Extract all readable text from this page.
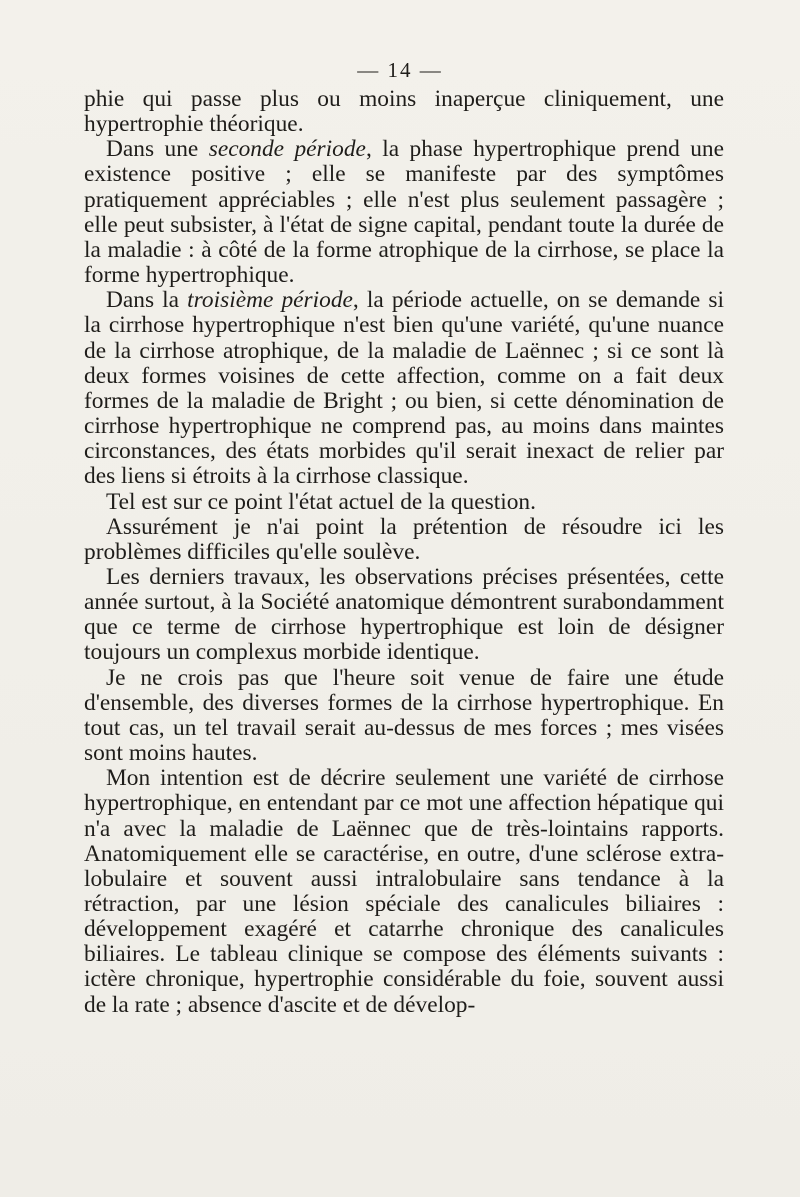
— 14 —

phie qui passe plus ou moins inaperçue cliniquement, une hypertrophie théorique.

Dans une seconde période, la phase hypertrophique prend une existence positive ; elle se manifeste par des symptômes pratiquement appréciables ; elle n'est plus seulement passagère ; elle peut subsister, à l'état de signe capital, pendant toute la durée de la maladie : à côté de la forme atrophique de la cirrhose, se place la forme hypertrophique.

Dans la troisième période, la période actuelle, on se demande si la cirrhose hypertrophique n'est bien qu'une variété, qu'une nuance de la cirrhose atrophique, de la maladie de Laënnec ; si ce sont là deux formes voisines de cette affection, comme on a fait deux formes de la maladie de Bright ; ou bien, si cette dénomination de cirrhose hypertrophique ne comprend pas, au moins dans maintes circonstances, des états morbides qu'il serait inexact de relier par des liens si étroits à la cirrhose classique.

Tel est sur ce point l'état actuel de la question.

Assurément je n'ai point la prétention de résoudre ici les problèmes difficiles qu'elle soulève.

Les derniers travaux, les observations précises présentées, cette année surtout, à la Société anatomique démontrent surabondamment que ce terme de cirrhose hypertrophique est loin de désigner toujours un complexus morbide identique.

Je ne crois pas que l'heure soit venue de faire une étude d'ensemble, des diverses formes de la cirrhose hypertrophique. En tout cas, un tel travail serait au-dessus de mes forces ; mes visées sont moins hautes.

Mon intention est de décrire seulement une variété de cirrhose hypertrophique, en entendant par ce mot une affection hépatique qui n'a avec la maladie de Laënnec que de très-lointains rapports. Anatomiquement elle se caractérise, en outre, d'une sclérose extra-lobulaire et souvent aussi intralobulaire sans tendance à la rétraction, par une lésion spéciale des canalicules biliaires : développement exagéré et catarrhe chronique des canalicules biliaires. Le tableau clinique se compose des éléments suivants : ictère chronique, hypertrophie considérable du foie, souvent aussi de la rate ; absence d'ascite et de dévelop-
